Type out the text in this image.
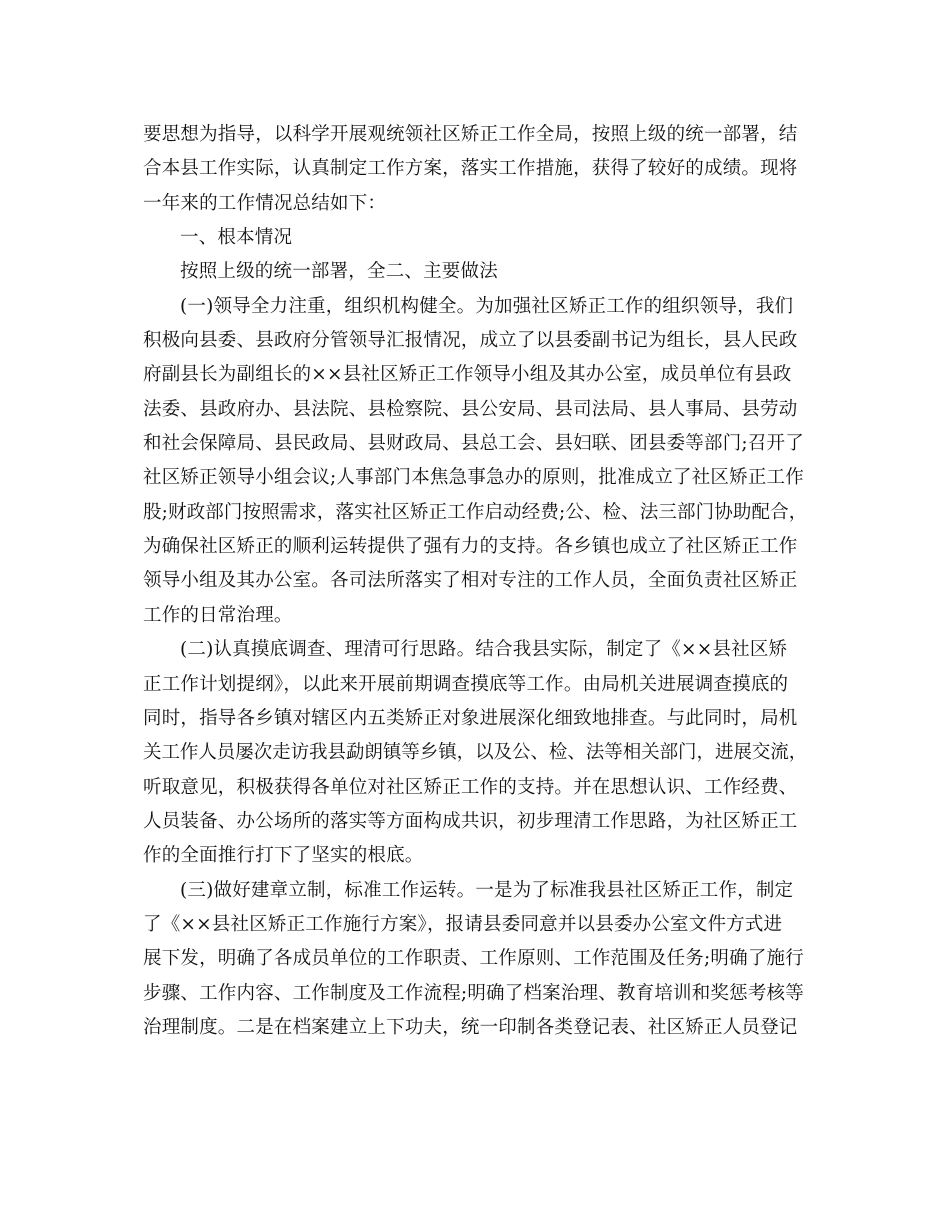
要思想为指导，以科学开展观统领社区矫正工作全局，按照上级的统一部署，结
合本县工作实际，认真制定工作方案，落实工作措施，获得了较好的成绩。现将
一年来的工作情况总结如下：
一、根本情况
按照上级的统一部署，全二、主要做法
(一)领导全力注重，组织机构健全。为加强社区矫正工作的组织领导，我们
积极向县委、县政府分管领导汇报情况，成立了以县委副书记为组长，县人民政
府副县长为副组长的××县社区矫正工作领导小组及其办公室，成员单位有县政
法委、县政府办、县法院、县检察院、县公安局、县司法局、县人事局、县劳动
和社会保障局、县民政局、县财政局、县总工会、县妇联、团县委等部门;召开了
社区矫正领导小组会议;人事部门本焦急事急办的原则，批准成立了社区矫正工作
股;财政部门按照需求，落实社区矫正工作启动经费;公、检、法三部门协助配合，
为确保社区矫正的顺利运转提供了强有力的支持。各乡镇也成立了社区矫正工作
领导小组及其办公室。各司法所落实了相对专注的工作人员，全面负责社区矫正
工作的日常治理。
(二)认真摸底调查、理清可行思路。结合我县实际，制定了《××县社区矫
正工作计划提纲》，以此来开展前期调查摸底等工作。由局机关进展调查摸底的
同时，指导各乡镇对辖区内五类矫正对象进展深化细致地排查。与此同时，局机
关工作人员屡次走访我县勐朗镇等乡镇，以及公、检、法等相关部门，进展交流，
听取意见，积极获得各单位对社区矫正工作的支持。并在思想认识、工作经费、
人员装备、办公场所的落实等方面构成共识，初步理清工作思路，为社区矫正工
作的全面推行打下了坚实的根底。
(三)做好建章立制，标准工作运转。一是为了标准我县社区矫正工作，制定
了《××县社区矫正工作施行方案》，报请县委同意并以县委办公室文件方式进
展下发，明确了各成员单位的工作职责、工作原则、工作范围及任务;明确了施行
步骤、工作内容、工作制度及工作流程;明确了档案治理、教育培训和奖惩考核等
治理制度。二是在档案建立上下功夫，统一印制各类登记表、社区矫正人员登记
